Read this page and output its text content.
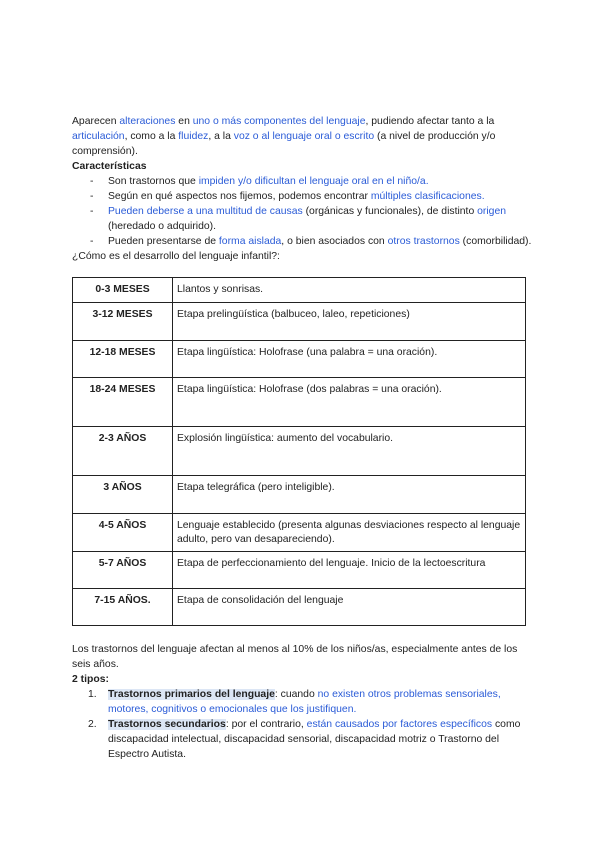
Aparecen alteraciones en uno o más componentes del lenguaje, pudiendo afectar tanto a la articulación, como a la fluidez, a la voz o al lenguaje oral o escrito (a nivel de producción y/o comprensión).

Características

- Son trastornos que impiden y/o dificultan el lenguaje oral en el niño/a.
- Según en qué aspectos nos fijemos, podemos encontrar múltiples clasificaciones.
- Pueden deberse a una multitud de causas (orgánicas y funcionales), de distinto origen (heredado o adquirido).
- Pueden presentarse de forma aislada, o bien asociados con otros trastornos (comorbilidad).

¿Cómo es el desarrollo del lenguaje infantil?:

0-3 MESES	Llantos y sonrisas.
3-12 MESES	Etapa prelingüística (balbuceo, laleo, repeticiones)
12-18 MESES	Etapa lingüística: Holofrase (una palabra = una oración).
18-24 MESES	Etapa lingüística: Holofrase (dos palabras = una oración).
2-3 AÑOS	Explosión lingüística: aumento del vocabulario.
3 AÑOS	Etapa telegráfica (pero inteligible).
4-5 AÑOS	Lenguaje establecido (presenta algunas desviaciones respecto al lenguaje adulto, pero van desapareciendo).
5-7 AÑOS	Etapa de perfeccionamiento del lenguaje. Inicio de la lectoescritura
7-15 AÑOS.	Etapa de consolidación del lenguaje

Los trastornos del lenguaje afectan al menos al 10% de los niños/as, especialmente antes de los seis años.

2 tipos:

1. Trastornos primarios del lenguaje: cuando no existen otros problemas sensoriales, motores, cognitivos o emocionales que los justifiquen.
2. Trastornos secundarios: por el contrario, están causados por factores específicos como discapacidad intelectual, discapacidad sensorial, discapacidad motriz o Trastorno del Espectro Autista.
